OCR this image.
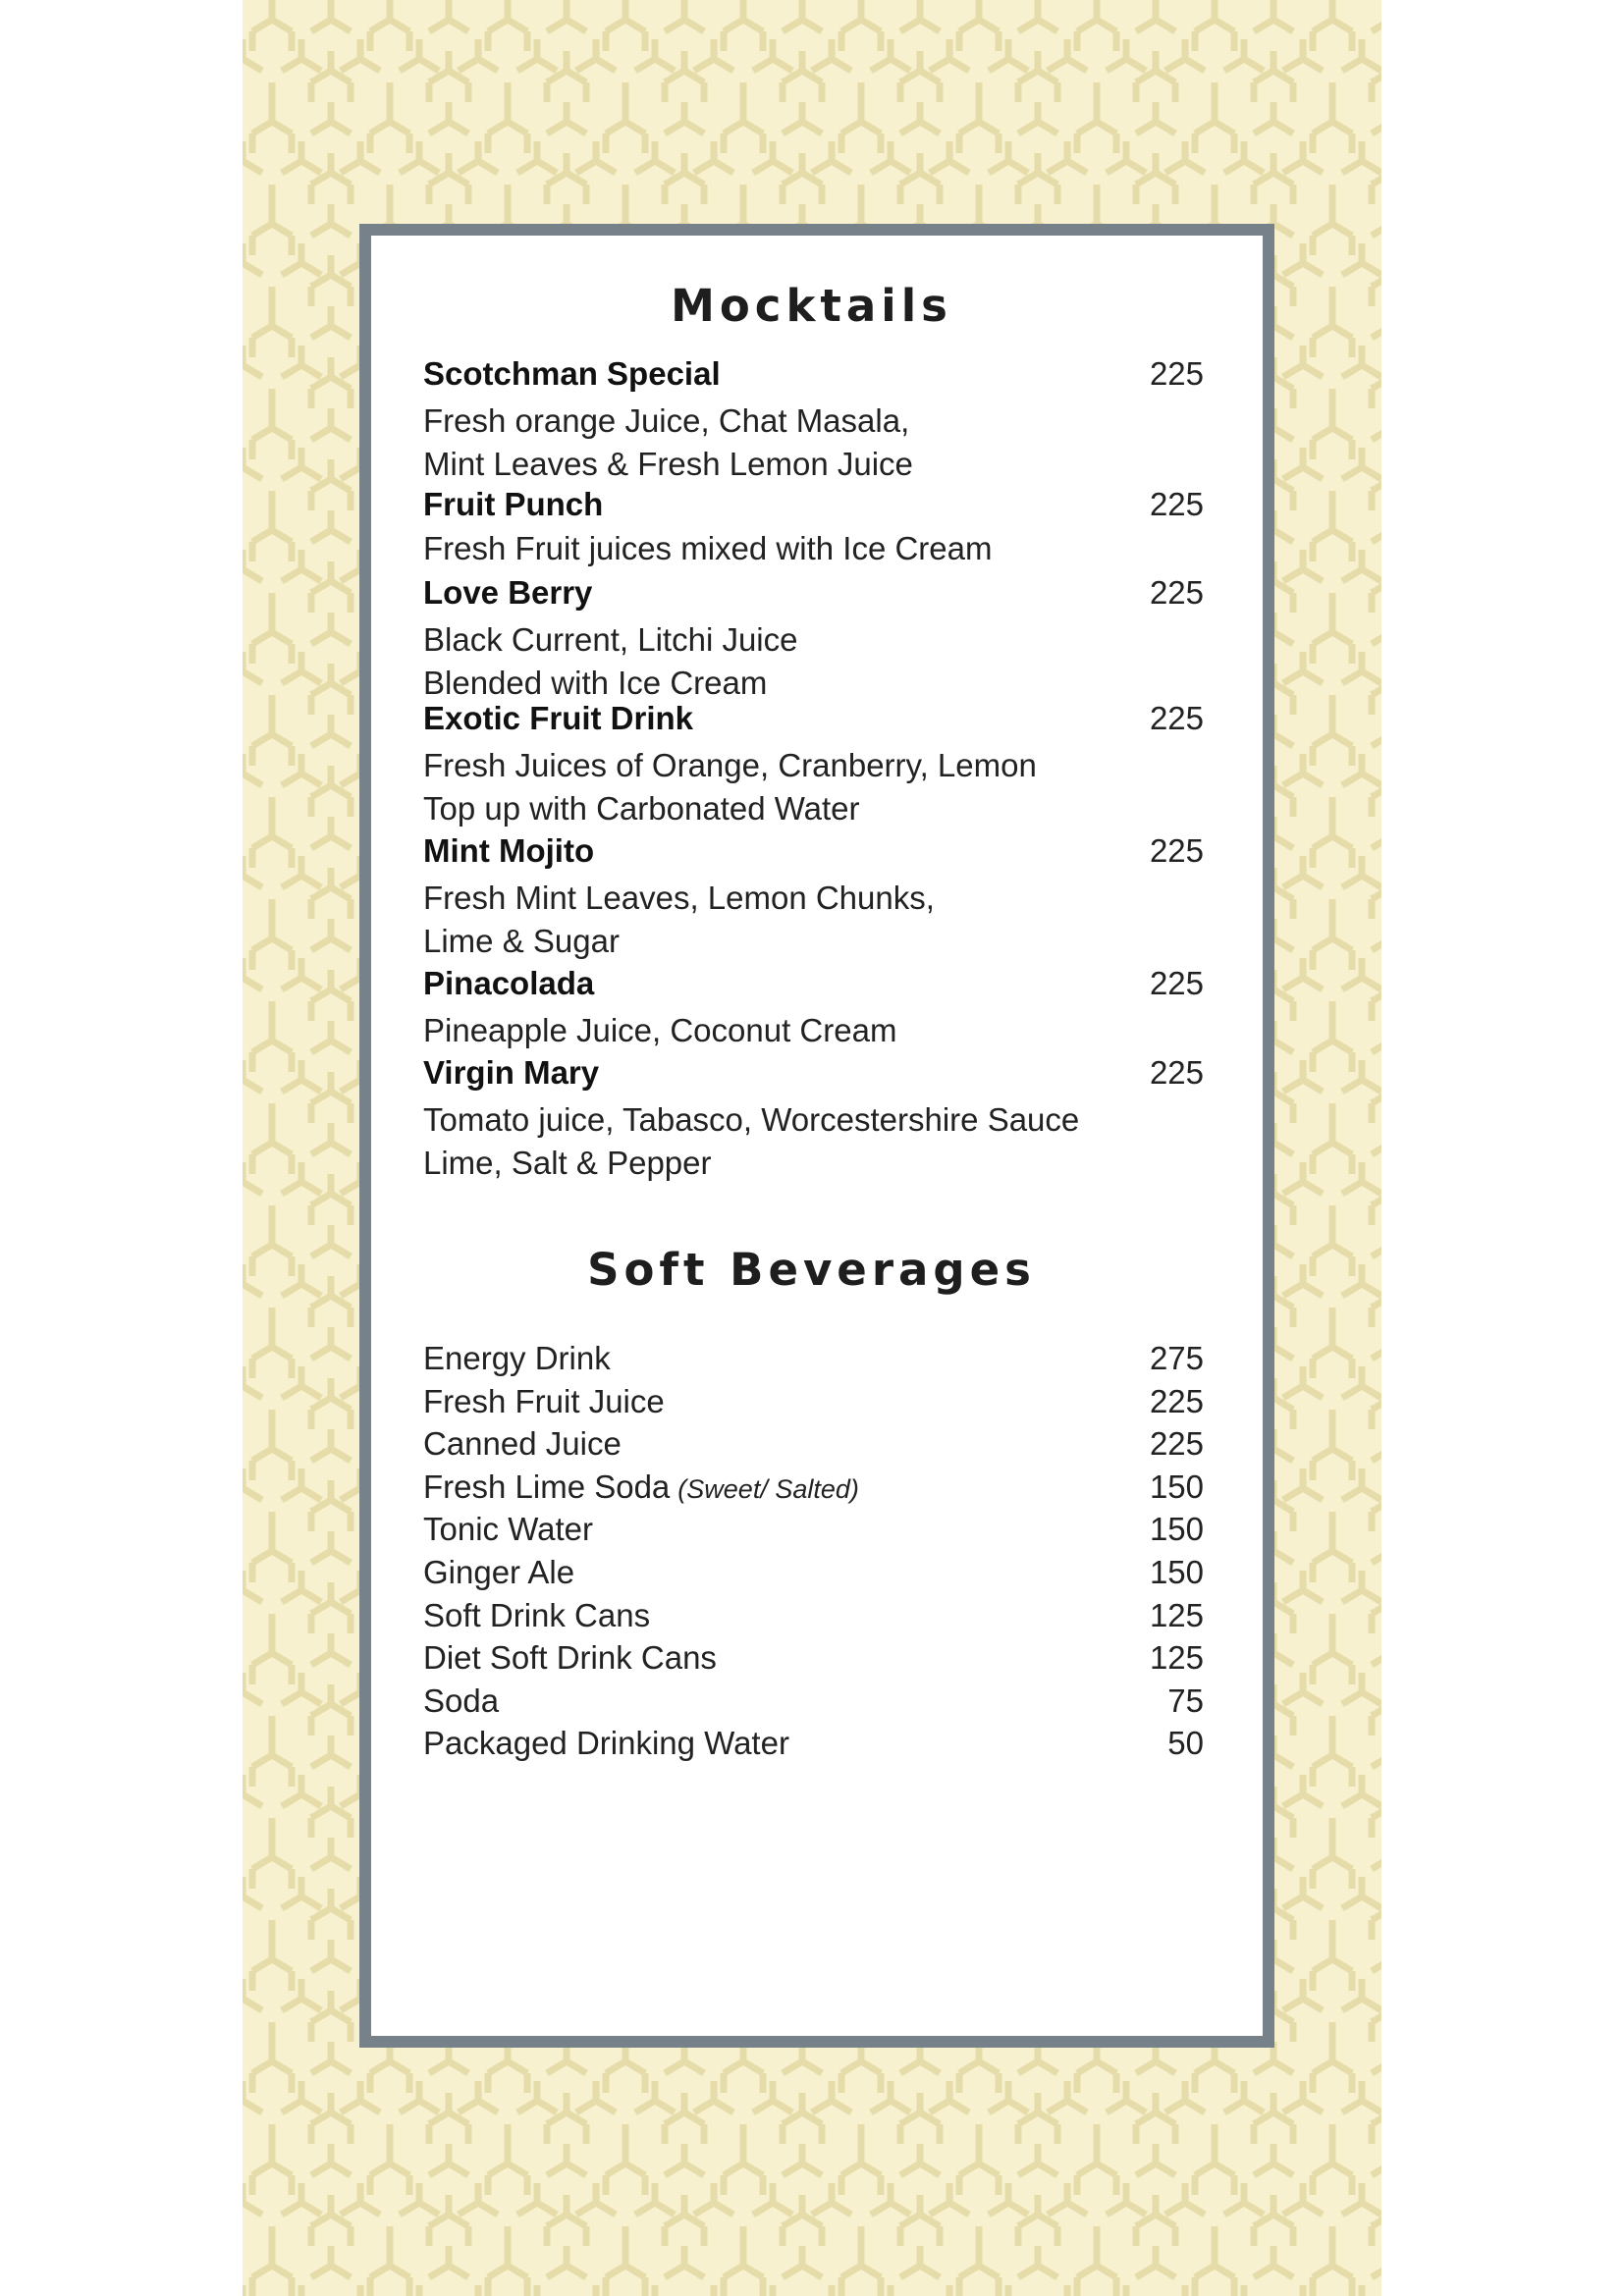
Mocktails
Scotchman Special	225
Fresh orange Juice, Chat Masala,
Mint Leaves & Fresh Lemon Juice
Fruit Punch	225
Fresh Fruit juices mixed with Ice Cream
Love Berry	225
Black Current, Litchi Juice
Blended with Ice Cream
Exotic Fruit Drink	225
Fresh Juices of Orange, Cranberry, Lemon
Top up with Carbonated Water
Mint Mojito	225
Fresh Mint Leaves, Lemon Chunks,
Lime & Sugar
Pinacolada	225
Pineapple Juice, Coconut Cream
Virgin Mary	225
Tomato juice, Tabasco, Worcestershire Sauce
Lime, Salt & Pepper
Soft Beverages
Energy Drink	275
Fresh Fruit Juice	225
Canned Juice	225
Fresh Lime Soda (Sweet/ Salted)	150
Tonic Water	150
Ginger Ale	150
Soft Drink Cans	125
Diet Soft Drink Cans	125
Soda	75
Packaged Drinking Water	50
